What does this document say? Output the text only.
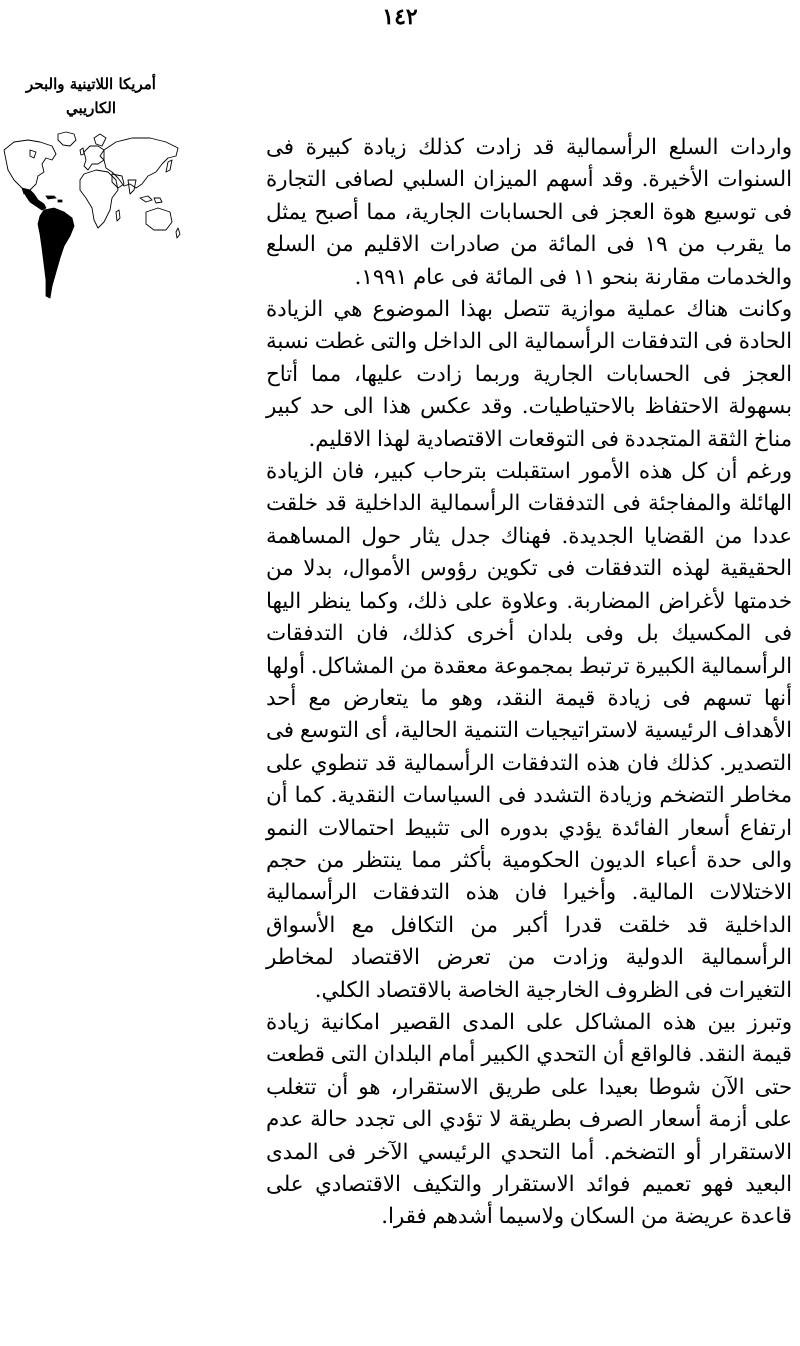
١٤٢
أمريكا اللاتينية والبحر
الكاريبي

واردات السلع الرأسمالية قد زادت كذلك زيادة كبيرة فى السنوات الأخيرة. وقد أسهم الميزان السلبي لصافى التجارة فى توسيع هوة العجز فى الحسابات الجارية، مما أصبح يمثل ما يقرب من ١٩ فى المائة من صادرات الاقليم من السلع والخدمات مقارنة بنحو ١١ فى المائة فى عام ١٩٩١.

وكانت هناك عملية موازية تتصل بهذا الموضوع هي الزيادة الحادة فى التدفقات الرأسمالية الى الداخل والتى غطت نسبة العجز فى الحسابات الجارية وربما زادت عليها، مما أتاح بسهولة الاحتفاظ بالاحتياطيات. وقد عكس هذا الى حد كبير مناخ الثقة المتجددة فى التوقعات الاقتصادية لهذا الاقليم.

ورغم أن كل هذه الأمور استقبلت بترحاب كبير، فان الزيادة الهائلة والمفاجئة فى التدفقات الرأسمالية الداخلية قد خلقت عددا من القضايا الجديدة. فهناك جدل يثار حول المساهمة الحقيقية لهذه التدفقات فى تكوين رؤوس الأموال، بدلا من خدمتها لأغراض المضاربة. وعلاوة على ذلك، وكما ينظر اليها فى المكسيك بل وفى بلدان أخرى كذلك، فان التدفقات الرأسمالية الكبيرة ترتبط بمجموعة معقدة من المشاكل. أولها أنها تسهم فى زيادة قيمة النقد، وهو ما يتعارض مع أحد الأهداف الرئيسية لاستراتيجيات التنمية الحالية، أى التوسع فى التصدير. كذلك فان هذه التدفقات الرأسمالية قد تنطوي على مخاطر التضخم وزيادة التشدد فى السياسات النقدية. كما أن ارتفاع أسعار الفائدة يؤدي بدوره الى تثبيط احتمالات النمو والى حدة أعباء الديون الحكومية بأكثر مما ينتظر من حجم الاختلالات المالية. وأخيرا فان هذه التدفقات الرأسمالية الداخلية قد خلقت قدرا أكبر من التكافل مع الأسواق الرأسمالية الدولية وزادت من تعرض الاقتصاد لمخاطر التغيرات فى الظروف الخارجية الخاصة بالاقتصاد الكلي.

وتبرز بين هذه المشاكل على المدى القصير امكانية زيادة قيمة النقد. فالواقع أن التحدي الكبير أمام البلدان التى قطعت حتى الآن شوطا بعيدا على طريق الاستقرار، هو أن تتغلب على أزمة أسعار الصرف بطريقة لا تؤدي الى تجدد حالة عدم الاستقرار أو التضخم. أما التحدي الرئيسي الآخر فى المدى البعيد فهو تعميم فوائد الاستقرار والتكيف الاقتصادي على قاعدة عريضة من السكان ولاسيما أشدهم فقرا.
